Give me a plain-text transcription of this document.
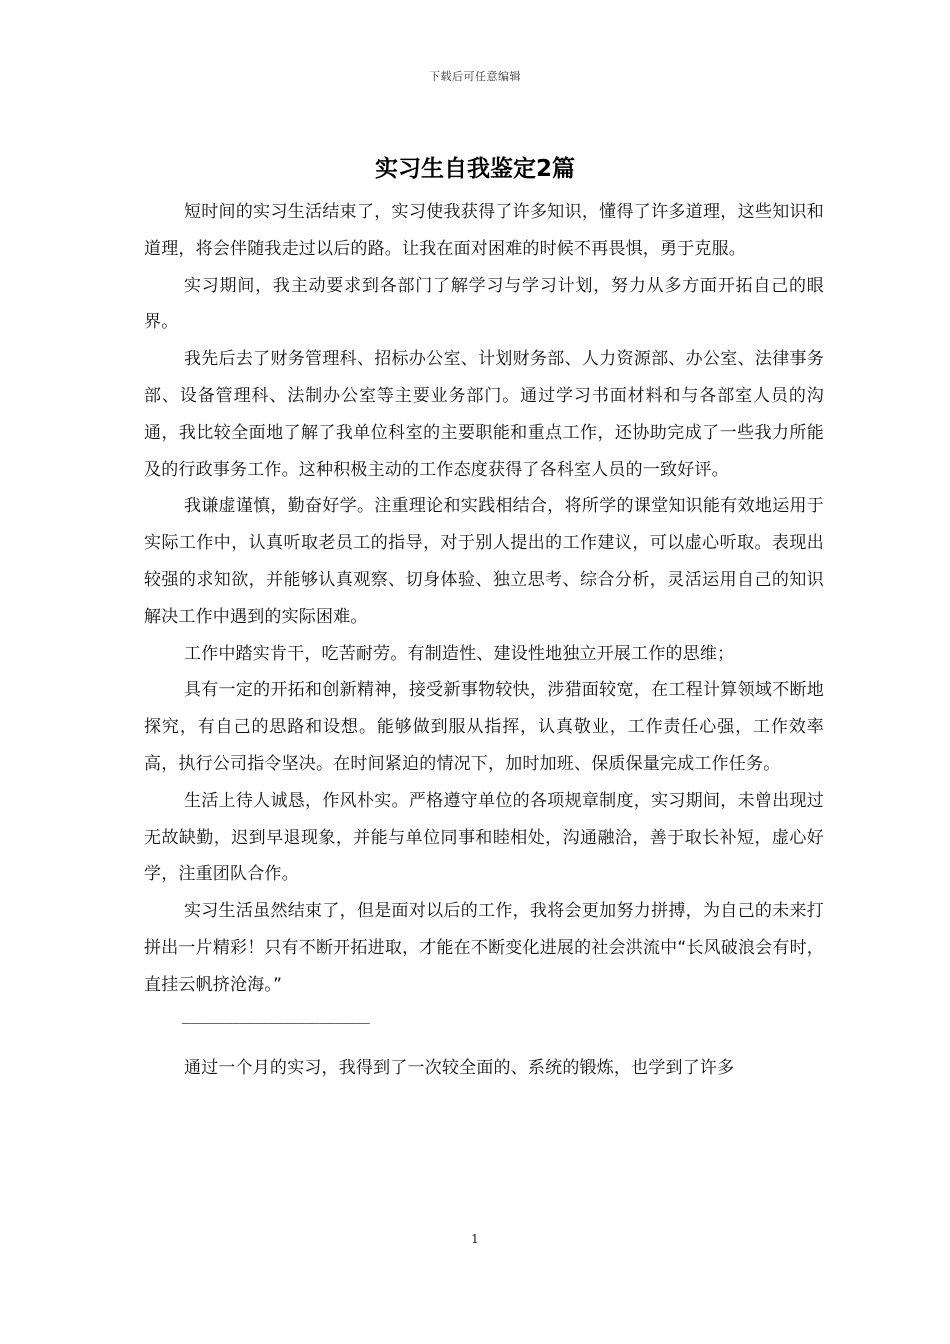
下载后可任意编辑
实习生自我鉴定2篇

短时间的实习生活结束了，实习使我获得了许多知识，懂得了许多道理，这些知识和道理，将会伴随我走过以后的路。让我在面对困难的时候不再畏惧，勇于克服。

实习期间，我主动要求到各部门了解学习与学习计划，努力从多方面开拓自己的眼界。

我先后去了财务管理科、招标办公室、计划财务部、人力资源部、办公室、法律事务部、设备管理科、法制办公室等主要业务部门。通过学习书面材料和与各部室人员的沟通，我比较全面地了解了我单位科室的主要职能和重点工作，还协助完成了一些我力所能及的行政事务工作。这种积极主动的工作态度获得了各科室人员的一致好评。

我谦虚谨慎，勤奋好学。注重理论和实践相结合，将所学的课堂知识能有效地运用于实际工作中，认真听取老员工的指导，对于别人提出的工作建议，可以虚心听取。表现出较强的求知欲，并能够认真观察、切身体验、独立思考、综合分析，灵活运用自己的知识解决工作中遇到的实际困难。

工作中踏实肯干，吃苦耐劳。有制造性、建设性地独立开展工作的思维；

具有一定的开拓和创新精神，接受新事物较快，涉猎面较宽，在工程计算领域不断地探究，有自己的思路和设想。能够做到服从指挥，认真敬业，工作责任心强，工作效率高，执行公司指令坚决。在时间紧迫的情况下，加时加班、保质保量完成工作任务。

生活上待人诚恳，作风朴实。严格遵守单位的各项规章制度，实习期间，未曾出现过无故缺勤，迟到早退现象，并能与单位同事和睦相处，沟通融洽，善于取长补短，虚心好学，注重团队合作。

实习生活虽然结束了，但是面对以后的工作，我将会更加努力拼搏，为自己的未来打拼出一片精彩！只有不断开拓进取，才能在不断变化进展的社会洪流中“长风破浪会有时，直挂云帆挤沧海。”

――――――――――――――――――――――――――

通过一个月的实习，我得到了一次较全面的、系统的锻炼，也学到了许多

1
